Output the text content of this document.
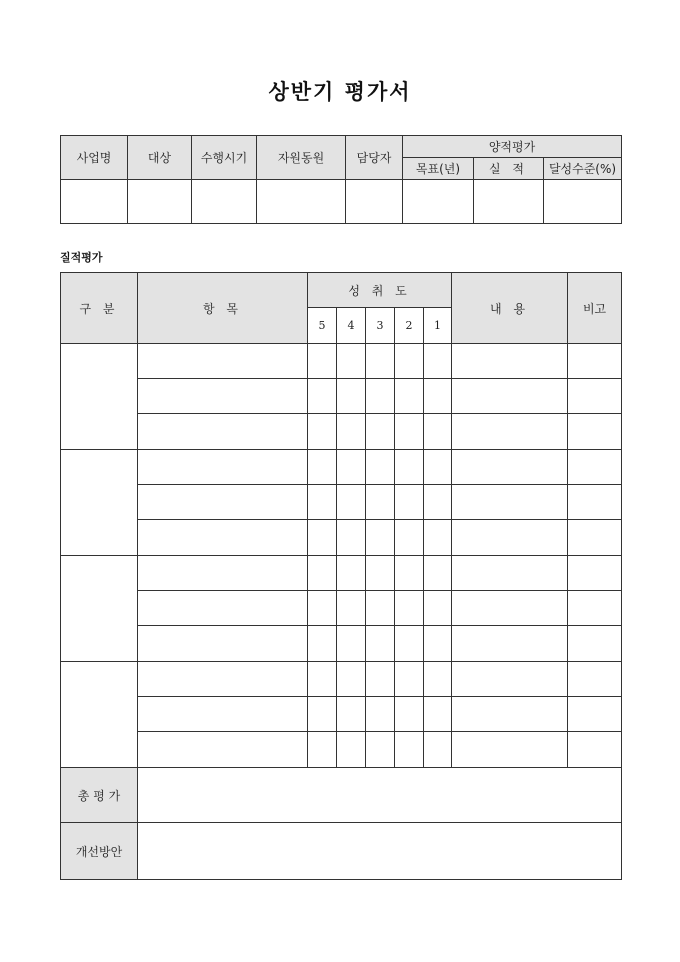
상반기 평가서
사업명	대상	수행시기	자원동원	담당자	양적평가		
					목표(년)	실 적	달성수준(%)

질적평가
구 분	항 목	성 취 도					내 용	비고
		5	4	3	2	1		

총 평 가								
개선방안								
